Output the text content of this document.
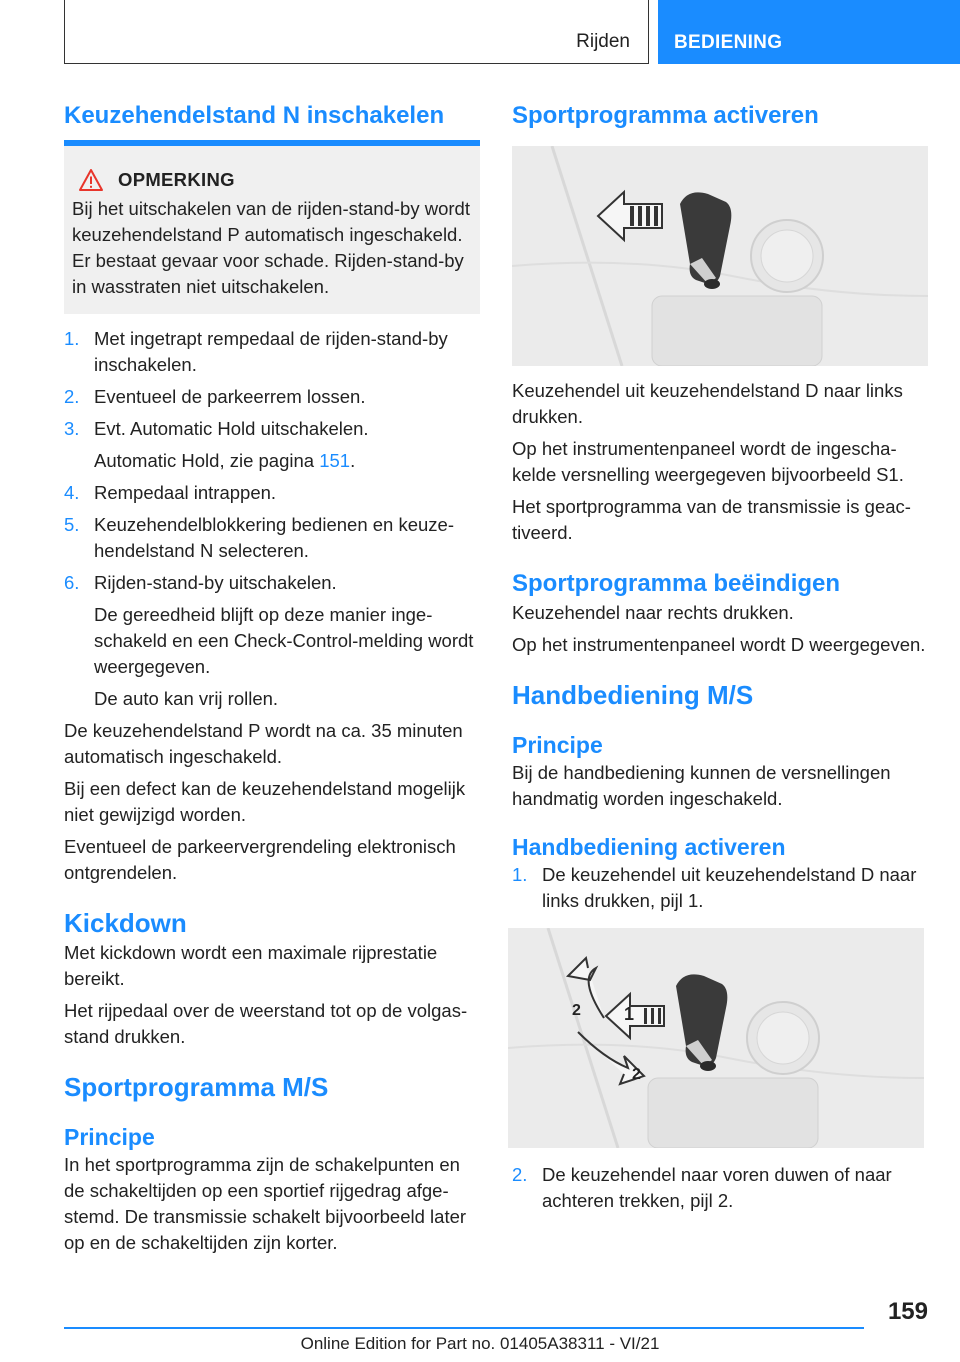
Rijden BEDIENING
Keuzehendelstand N inschakelen
OPMERKING
Bij het uitschakelen van de rijden-stand-by wordt keuzehendelstand P automatisch ingeschakeld. Er bestaat gevaar voor schade. Rijden-stand-by in wasstraten niet uitschakelen.
1. Met ingetrapt rempedaal de rijden-stand-by inschakelen.
2. Eventueel de parkeerrem lossen.
3. Evt. Automatic Hold uitschakelen.
Automatic Hold, zie pagina 151.
4. Rempedaal intrappen.
5. Keuzehendelblokkering bedienen en keuzehendelstand N selecteren.
6. Rijden-stand-by uitschakelen.
De gereedheid blijft op deze manier ingeschakeld en een Check-Control-melding wordt weergegeven.
De auto kan vrij rollen.
De keuzehendelstand P wordt na ca. 35 minuten automatisch ingeschakeld.
Bij een defect kan de keuzehendelstand mogelijk niet gewijzigd worden.
Eventueel de parkeervergrendeling elektronisch ontgrendelen.
Kickdown
Met kickdown wordt een maximale rijprestatie bereikt.
Het rijpedaal over de weerstand tot op de volgasstand drukken.
Sportprogramma M/S
Principe
In het sportprogramma zijn de schakelpunten en de schakeltijden op een sportief rijgedrag afgestemd. De transmissie schakelt bijvoorbeeld later op en de schakeltijden zijn korter.
Sportprogramma activeren
Keuzehendel uit keuzehendelstand D naar links drukken.
Op het instrumentenpaneel wordt de ingeschakelde versnelling weergegeven bijvoorbeeld S1.
Het sportprogramma van de transmissie is geactiveerd.
Sportprogramma beëindigen
Keuzehendel naar rechts drukken.
Op het instrumentenpaneel wordt D weergegeven.
Handbediening M/S
Principe
Bij de handbediening kunnen de versnellingen handmatig worden ingeschakeld.
Handbediening activeren
1. De keuzehendel uit keuzehendelstand D naar links drukken, pijl 1.
1
2
2
2. De keuzehendel naar voren duwen of naar achteren trekken, pijl 2.
159
Online Edition for Part no. 01405A38311 - VI/21
